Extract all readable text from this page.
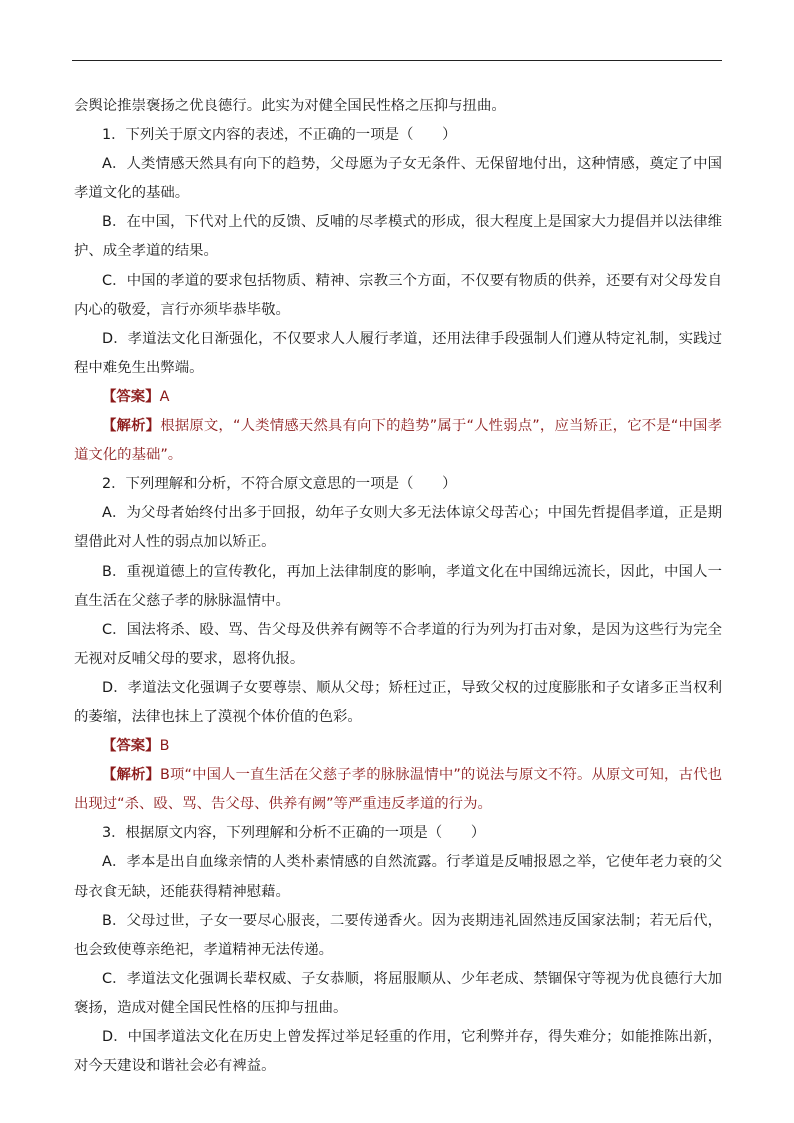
会舆论推崇褒扬之优良德行。此实为对健全国民性格之压抑与扭曲。

1．下列关于原文内容的表述，不正确的一项是（　　）

A．人类情感天然具有向下的趋势，父母愿为子女无条件、无保留地付出，这种情感，奠定了中国孝道文化的基础。

B．在中国，下代对上代的反馈、反哺的尽孝模式的形成，很大程度上是国家大力提倡并以法律维护、成全孝道的结果。

C．中国的孝道的要求包括物质、精神、宗教三个方面，不仅要有物质的供养，还要有对父母发自内心的敬爱，言行亦须毕恭毕敬。

D．孝道法文化日渐强化，不仅要求人人履行孝道，还用法律手段强制人们遵从特定礼制，实践过程中难免生出弊端。

【答案】A

【解析】根据原文，“人类情感天然具有向下的趋势”属于“人性弱点”，应当矫正，它不是“中国孝道文化的基础”。

2．下列理解和分析，不符合原文意思的一项是（　　）

A．为父母者始终付出多于回报，幼年子女则大多无法体谅父母苦心；中国先哲提倡孝道，正是期望借此对人性的弱点加以矫正。

B．重视道德上的宣传教化，再加上法律制度的影响，孝道文化在中国绵远流长，因此，中国人一直生活在父慈子孝的脉脉温情中。

C．国法将杀、殴、骂、告父母及供养有阙等不合孝道的行为列为打击对象，是因为这些行为完全无视对反哺父母的要求，恩将仇报。

D．孝道法文化强调子女要尊崇、顺从父母；矫枉过正，导致父权的过度膨胀和子女诸多正当权利的萎缩，法律也抹上了漠视个体价值的色彩。

【答案】B

【解析】B项“中国人一直生活在父慈子孝的脉脉温情中”的说法与原文不符。从原文可知，古代也出现过“杀、殴、骂、告父母、供养有阙”等严重违反孝道的行为。

3．根据原文内容，下列理解和分析不正确的一项是（　　）

A．孝本是出自血缘亲情的人类朴素情感的自然流露。行孝道是反哺报恩之举，它使年老力衰的父母衣食无缺，还能获得精神慰藉。

B．父母过世，子女一要尽心服丧，二要传递香火。因为丧期违礼固然违反国家法制；若无后代，也会致使尊亲绝祀，孝道精神无法传递。

C．孝道法文化强调长辈权威、子女恭顺，将屈服顺从、少年老成、禁锢保守等视为优良德行大加褒扬，造成对健全国民性格的压抑与扭曲。

D．中国孝道法文化在历史上曾发挥过举足轻重的作用，它利弊并存，得失难分；如能推陈出新，对今天建设和谐社会必有裨益。
